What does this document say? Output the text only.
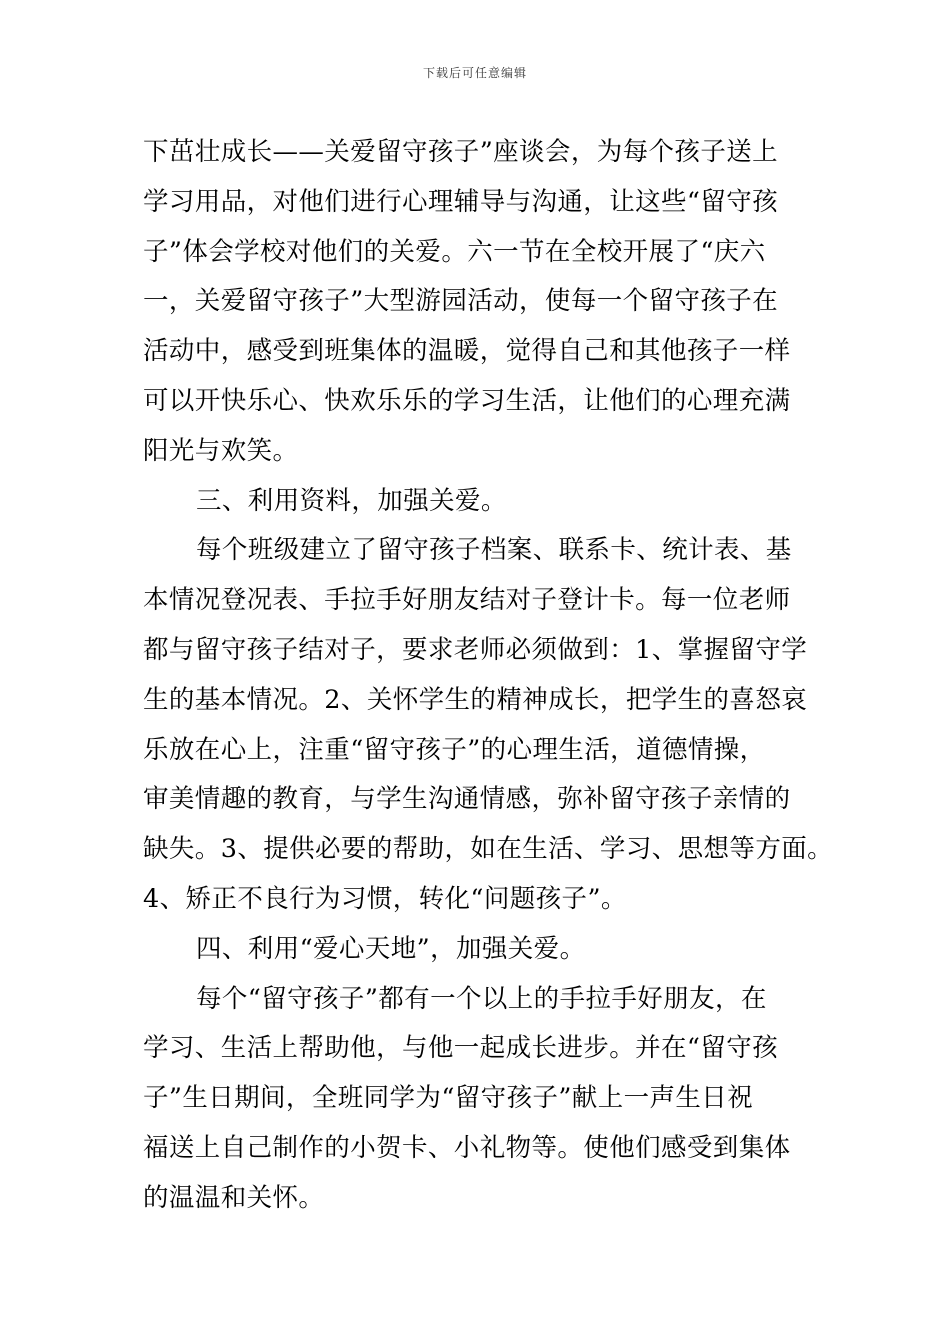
下载后可任意编辑
下茁壮成长——关爱留守孩子”座谈会，为每个孩子送上
学习用品，对他们进行心理辅导与沟通，让这些“留守孩
子”体会学校对他们的关爱。六一节在全校开展了“庆六
一，关爱留守孩子”大型游园活动，使每一个留守孩子在
活动中，感受到班集体的温暖，觉得自己和其他孩子一样
可以开快乐心、快欢乐乐的学习生活，让他们的心理充满
阳光与欢笑。
三、利用资料，加强关爱。
每个班级建立了留守孩子档案、联系卡、统计表、基
本情况登况表、手拉手好朋友结对子登计卡。每一位老师
都与留守孩子结对子，要求老师必须做到：1、掌握留守学
生的基本情况。2、关怀学生的精神成长，把学生的喜怒哀
乐放在心上，注重“留守孩子”的心理生活，道德情操，
审美情趣的教育，与学生沟通情感，弥补留守孩子亲情的
缺失。3、提供必要的帮助，如在生活、学习、思想等方面。
4、矫正不良行为习惯，转化“问题孩子”。
四、利用“爱心天地”，加强关爱。
每个“留守孩子”都有一个以上的手拉手好朋友，在
学习、生活上帮助他，与他一起成长进步。并在“留守孩
子”生日期间，全班同学为“留守孩子”献上一声生日祝
福送上自己制作的小贺卡、小礼物等。使他们感受到集体
的温温和关怀。
